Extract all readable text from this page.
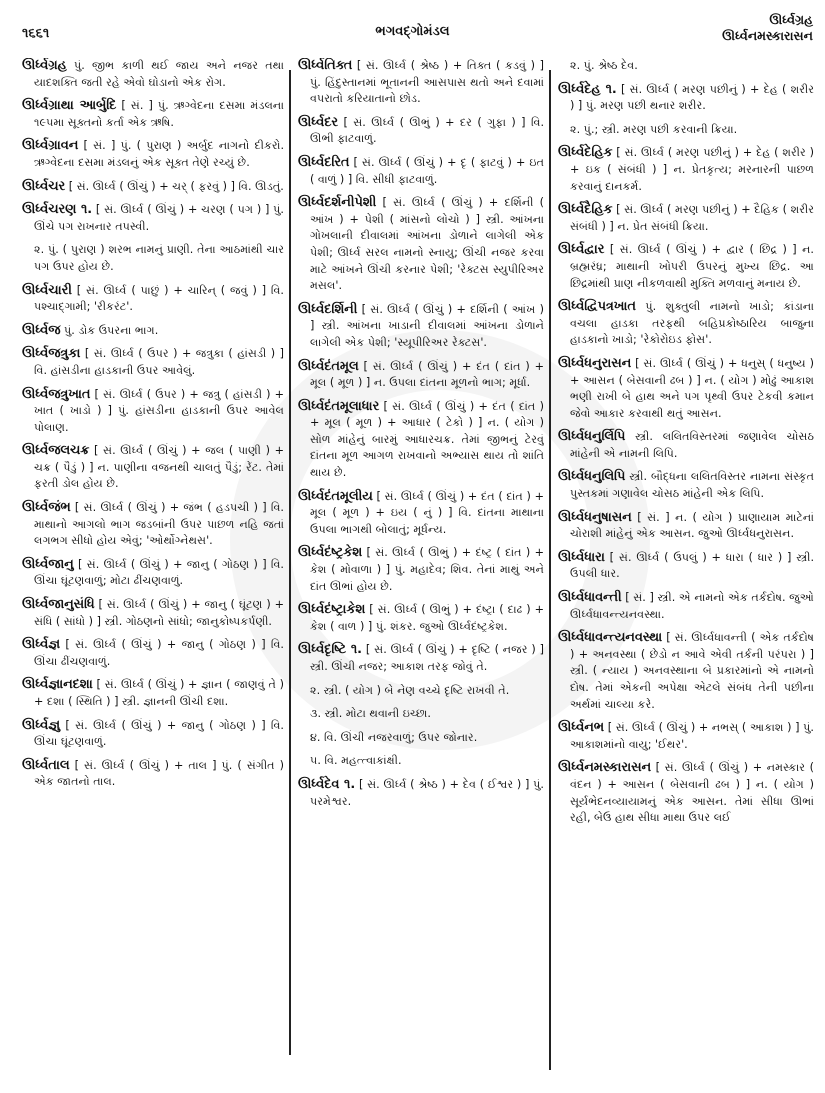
૧૬૬૧	ભગવદ્ગોમંડલ
ઊર્ધ્વગ્રહ
ઊર્ધ્વનમસ્કારાસન

ઊર્ધ્વગ્રહ પું. જીભ કાળી થઈ જાય અને નજર તથા યાદશક્તિ જતી રહે એવો ઘોડાનો એક રોગ.

ઊર્ધ્વગ્રાથા આર્બુદિ [ સં. ] પું. ઋગ્વેદના દસમા મંડલના ૧૯૫મા સૂક્તનો કર્તા એક ઋષિ.

ઊર્ધ્વગ્રાવન [ સં. ] પું. ( પુરાણ ) અર્બુદ નાગનો દીકરો. ઋગ્વેદના દસમા મંડલનું એક સૂક્ત તેણે રચ્યું છે.

ઊર્ધ્વચર [ સં. ઊર્ધ્વ ( ઊંચું ) + ચર્ ( ફરવું ) ] વિ. ઊડતું.

ઊર્ધ્વચરણ ૧. [ સં. ઊર્ધ્વ ( ઊંચું ) + ચરણ ( પગ ) ] પું. ઊંચે પગ રાખનાર તપસ્વી.

૨. પું. ( પુરાણ ) શરભ નામનું પ્રાણી. તેના આઠમાંથી ચાર પગ ઉપર હોય છે.

ઊર્ધ્વચારી [ સં. ઊર્ધ્વ ( પાછું ) + ચારિન્ ( જવું ) ] વિ. પશ્ચાદ્ગામી; 'રીકરંટ'.

ઊર્ધ્વજ પું. ડોક ઉપરના ભાગ.

ઊર્ધ્વજત્રુકા [ સં. ઊર્ધ્વ ( ઉપર ) + જત્રુકા ( હાંસડી ) ] વિ. હાંસડીના હાડકાની ઉપર આવેલું.

ઊર્ધ્વજત્રુખાત [ સં. ઊર્ધ્વ ( ઉપર ) + જત્રુ ( હાંસડી ) + ખાત ( ખાડો ) ] પું. હાંસડીના હાડકાની ઉપર આવેલ પોલાણ.

ઊર્ધ્વજલચક્ર [ સં. ઊર્ધ્વ ( ઊંચું ) + જલ ( પાણી ) + ચક્ર ( પૈડું ) ] ન. પાણીના વજનથી ચાલતું પૈડું; રેંટ. તેમાં ફરતી ડોલ હોય છે.

ઊર્ધ્વજંભ [ સં. ઊર્ધ્વ ( ઊંચું ) + જંભ ( હડપચી ) ] વિ. માથાનો આગલો ભાગ જડબાંની ઉપર પાછળ નહિ જતાં લગભગ સીધો હોય એવું; 'ઓર્થોગ્નેથસ'.

ઊર્ધ્વજાનુ [ સં. ઊર્ધ્વ ( ઊંચું ) + જાનુ ( ગોઠણ ) ] વિ. ઊંચા ઘૂંટણવાળું; મોટા ઢીંચણવાળું.

ઊર્ધ્વજાનુસંધિ [ સં. ઊર્ધ્વ ( ઊંચું ) + જાનુ ( ઘૂંટણ ) + સંધિ ( સાંધો ) ] સ્ત્રી. ગોઠણનો સાંધો; જાનુકોષ્પકર્પણી.

ઊર્ધ્વજ્ઞ [ સં. ઊર્ધ્વ ( ઊંચું ) + જાનુ ( ગોઠણ ) ] વિ. ઊંચા ઢીંચણવાળું.

ઊર્ધ્વજ્ઞાનદશા [ સં. ઊર્ધ્વ ( ઊંચું ) + જ્ઞાન ( જાણવું તે ) + દશા ( સ્થિતિ ) ] સ્ત્રી. જ્ઞાનની ઊંચી દશા.

ઊર્ધ્વજ્ઞુ [ સં. ઊર્ધ્વ ( ઊંચું ) + જાનુ ( ગોઠણ ) ] વિ. ઊંચા ઘૂંટણવાળું.

ઊર્ધ્વતાલ [ સં. ઊર્ધ્વ ( ઊંચું ) + તાલ ] પું. ( સંગીત ) એક જાતનો તાલ.

ઊર્ધ્વતિક્ત [ સં. ઊર્ધ્વ ( શ્રેષ્ઠ ) + તિક્ત ( કડવું ) ] પું. હિંદુસ્તાનમાં ભૂતાનની આસપાસ થતો અને દવામાં વપરાતો કરિયાતાનો છોડ.

ઊર્ધ્વદર [ સં. ઊર્ધ્વ ( ઊભું ) + દર ( ગુફા ) ] વિ. ઊભી ફાટવાળું.

ઊર્ધ્વદરિત [ સં. ઊર્ધ્વ ( ઊંચું ) + દૃ ( ફાટવું ) + ઇત ( વાળું ) ] વિ. સીધી ફાટવાળું.

ઊર્ધ્વદર્શનીપેશી [ સં. ઊર્ધ્વ ( ઊંચું ) + દર્શિની ( આંખ ) + પેશી ( માંસનો લોચો ) ] સ્ત્રી. આંખના ગોખલાની દીવાલમાં આંખના ડોળાને લાગેલી એક પેશી; ઊર્ધ્વ સરલ નામનો સ્નાયુ; ઊંચી નજર કરવા માટે આંખને ઊંચી કરનાર પેશી; 'રેક્ટસ સ્યુપીરિઅર મસલ'.

ઊર્ધ્વદર્શિની [ સં. ઊર્ધ્વ ( ઊંચું ) + દર્શિની ( આંખ ) ] સ્ત્રી. આંખના ખાડાની દીવાલમાં આંખના ડોળાને લાગેલી એક પેશી; 'સ્યૂપીરિઅર રેક્ટસ'.

ઊર્ધ્વદંતમૂલ [ સં. ઊર્ધ્વ ( ઊંચું ) + દંત ( દાંત ) + મૂલ ( મૂળ ) ] ન. ઉપલા દાંતના મૂળનો ભાગ; મૂર્ધા.

ઊર્ધ્વદંતમૂલાધાર [ સં. ઊર્ધ્વ ( ઊંચું ) + દંત ( દાંત ) + મૂલ ( મૂળ ) + આધાર ( ટેકો ) ] ન. ( યોગ ) સોળ માંહેનું બારમું આધારચક્ર. તેમાં જીભનું ટેરવું દાંતના મૂળ આગળ રાખવાનો અભ્યાસ થાય તો શાંતિ થાય છે.

ઊર્ધ્વદંતમૂલીય [ સં. ઊર્ધ્વ ( ઊંચું ) + દંત ( દાંત ) + મૂલ ( મૂળ ) + ઇય ( નું ) ] વિ. દાંતના માથાના ઉપલા ભાગથી બોલાતું; મૂર્ધન્ય.

ઊર્ધ્વદંષ્ટ્રકેશ [ સં. ઊર્ધ્વ ( ઊભું ) + દંષ્ટ્ર ( દાંત ) + કેશ ( મોવાળા ) ] પું. મહાદેવ; શિવ. તેનાં માથું અને દાંત ઊભાં હોય છે.

ઊર્ધ્વદંષ્ટ્રાકેશ [ સં. ઊર્ધ્વ ( ઊભું ) + દંષ્ટ્રા ( દાઢ ) + કેશ ( વાળ ) ] પું. શંકર. જુઓ ઊર્ધ્વદંષ્ટ્રકેશ.

ઊર્ધ્વદૃષ્ટિ ૧. [ સં. ઊર્ધ્વ ( ઊંચું ) + દૃષ્ટિ ( નજર ) ] સ્ત્રી. ઊંચી નજર; આકાશ તરફ જોવું તે.

૨. સ્ત્રી. ( યોગ ) બે નેણ વચ્ચે દૃષ્ટિ રાખવી તે.

૩. સ્ત્રી. મોટા થવાની ઇચ્છા.

૪. વિ. ઊંચી નજરવાળું; ઉપર જોનાર.

૫. વિ. મહત્ત્વાકાંક્ષી.

ઊર્ધ્વદેવ ૧. [ સં. ઊર્ધ્વ ( શ્રેષ્ઠ ) + દેવ ( ઈશ્વર ) ] પું. પરમેશ્વર.

૨. પું. શ્રેષ્ઠ દેવ.

ઊર્ધ્વદેહ ૧. [ સં. ઊર્ધ્વ ( મરણ પછીનું ) + દેહ ( શરીર ) ] પું. મરણ પછી થનાર શરીર.

૨. પું.; સ્ત્રી. મરણ પછી કરવાની ક્રિયા.

ઊર્ધ્વદેહિક [ સં. ઊર્ધ્વ ( મરણ પછીનું ) + દેહ ( શરીર ) + ઇક ( સંબંધી ) ] ન. પ્રેતકૃત્ય; મરનારની પાછળ કરવાનું દાનકર્મ.

ઊર્ધ્વદૈહિક [ સં. ઊર્ધ્વ ( મરણ પછીનું ) + દૈહિક ( શરીર સંબંધી ) ] ન. પ્રેત સંબંધી ક્રિયા.

ઊર્ધ્વદ્વાર [ સં. ઊર્ધ્વ ( ઊંચું ) + દ્વાર ( છિદ્ર ) ] ન. બ્રહ્મરંધ્ર; માથાની ખોપરી ઉપરનું મુખ્ય છિદ્ર. આ છિદ્રમાંથી પ્રાણ નીકળવાથી મુક્તિ મળવાનું મનાય છે.

ઊર્ધ્વદ્વિપત્રખાત પું. શુક્તુલી નામનો ખાડો; કાંડાના વચલા હાડકા તરફથી બહિપ્રકોષ્ઠારિય બાજુના હાડકાનો ખાડો; 'રેકોરોઇડ ફોસ'.

ઊર્ધ્વધનુરાસન [ સં. ઊર્ધ્વ ( ઊંચું ) + ધનુસ્ ( ધનુષ્ય ) + આસન ( બેસવાની ઢબ ) ] ન. ( યોગ ) મોઢું આકાશ ભણી રાખી બે હાથ અને પગ પૃથ્વી ઉપર ટેકવી કમાન જેવો આકાર કરવાથી થતું આસન.

ઊર્ધ્વધનુર્લિપિ સ્ત્રી. લલિતવિસ્તરમાં જણાવેલ ચોસઠ માંહેની એ નામની લિપિ.

ઊર્ધ્વધનુલિપિ સ્ત્રી. બૌદ્ધના લલિતવિસ્તર નામના સંસ્કૃત પુસ્તકમાં ગણાવેલ ચોસઠ માંહેની એક લિપિ.

ઊર્ધ્વધનુષાસન [ સં. ] ન. ( યોગ ) પ્રાણાયામ માટેનાં ચોરાશી માંહેનું એક આસન. જુઓ ઊર્ધ્વધનુરાસન.

ઊર્ધ્વધારા [ સં. ઊર્ધ્વ ( ઉપલું ) + ધારા ( ધાર ) ] સ્ત્રી. ઉપલી ધાર.

ઊર્ધ્વધાવન્તી [ સં. ] સ્ત્રી. એ નામનો એક તર્કદોષ. જુઓ ઊર્ધ્વધાવન્ત્યનવસ્થા.

ઊર્ધ્વધાવન્ત્યનવસ્થા [ સં. ઊર્ધ્વધાવન્તી ( એક તર્કદોષ ) + અનવસ્થા ( છેડો ન આવે એવી તર્કની પરંપરા ) ] સ્ત્રી. ( ન્યાય ) અનવસ્થાના બે પ્રકારમાંનો એ નામનો દોષ. તેમાં એકની અપેક્ષા એટલે સંબંધ તેની પછીના અર્થમાં ચાલ્યા કરે.

ઊર્ધ્વનભ [ સં. ઊર્ધ્વ ( ઊંચું ) + નભસ્ ( આકાશ ) ] પું. આકાશમાંનો વાયુ; 'ઈથર'.

ઊર્ધ્વનમસ્કારાસન [ સં. ઊર્ધ્વ ( ઊંચું ) + નમસ્કાર ( વંદન ) + આસન ( બેસવાની ઢબ ) ] ન. ( યોગ ) સૂર્યભેદનવ્યાયામનું એક આસન. તેમાં સીધા ઊભાં રહી, બેઉ હાથ સીધા માથા ઉપર લઈ
